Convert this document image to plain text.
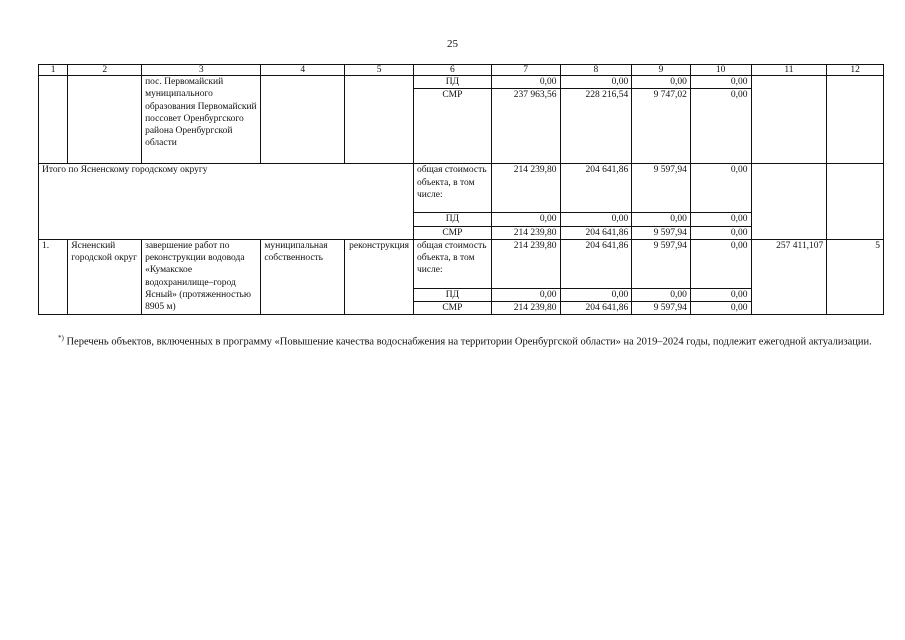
25
1	2	3	4	5	6	7	8	9	10	11	12
		пос. Первомайский муниципального образования Первомайский поссовет Оренбургского района Оренбургской области			ПД	0,00	0,00	0,00	0,00		
					СМР	237 963,56	228 216,54	9 747,02	0,00		
Итого по Ясненскому городскому округу					общая стоимость объекта, в том числе:	214 239,80	204 641,86	9 597,94	0,00		
					ПД	0,00	0,00	0,00	0,00		
					СМР	214 239,80	204 641,86	9 597,94	0,00		
1.	Ясненский городской округ	завершение работ по реконструкции водовода «Кумакское водохранилище–город Ясный» (протяженностью 8905 м)	муниципальная собственность	реконструкция	общая стоимость объекта, в том числе:	214 239,80	204 641,86	9 597,94	0,00	257 411,107	5
					ПД	0,00	0,00	0,00	0,00		
					СМР	214 239,80	204 641,86	9 597,94	0,00		
*) Перечень объектов, включенных в программу «Повышение качества водоснабжения на территории Оренбургской области» на 2019–2024 годы, подлежит ежегодной актуализации.
